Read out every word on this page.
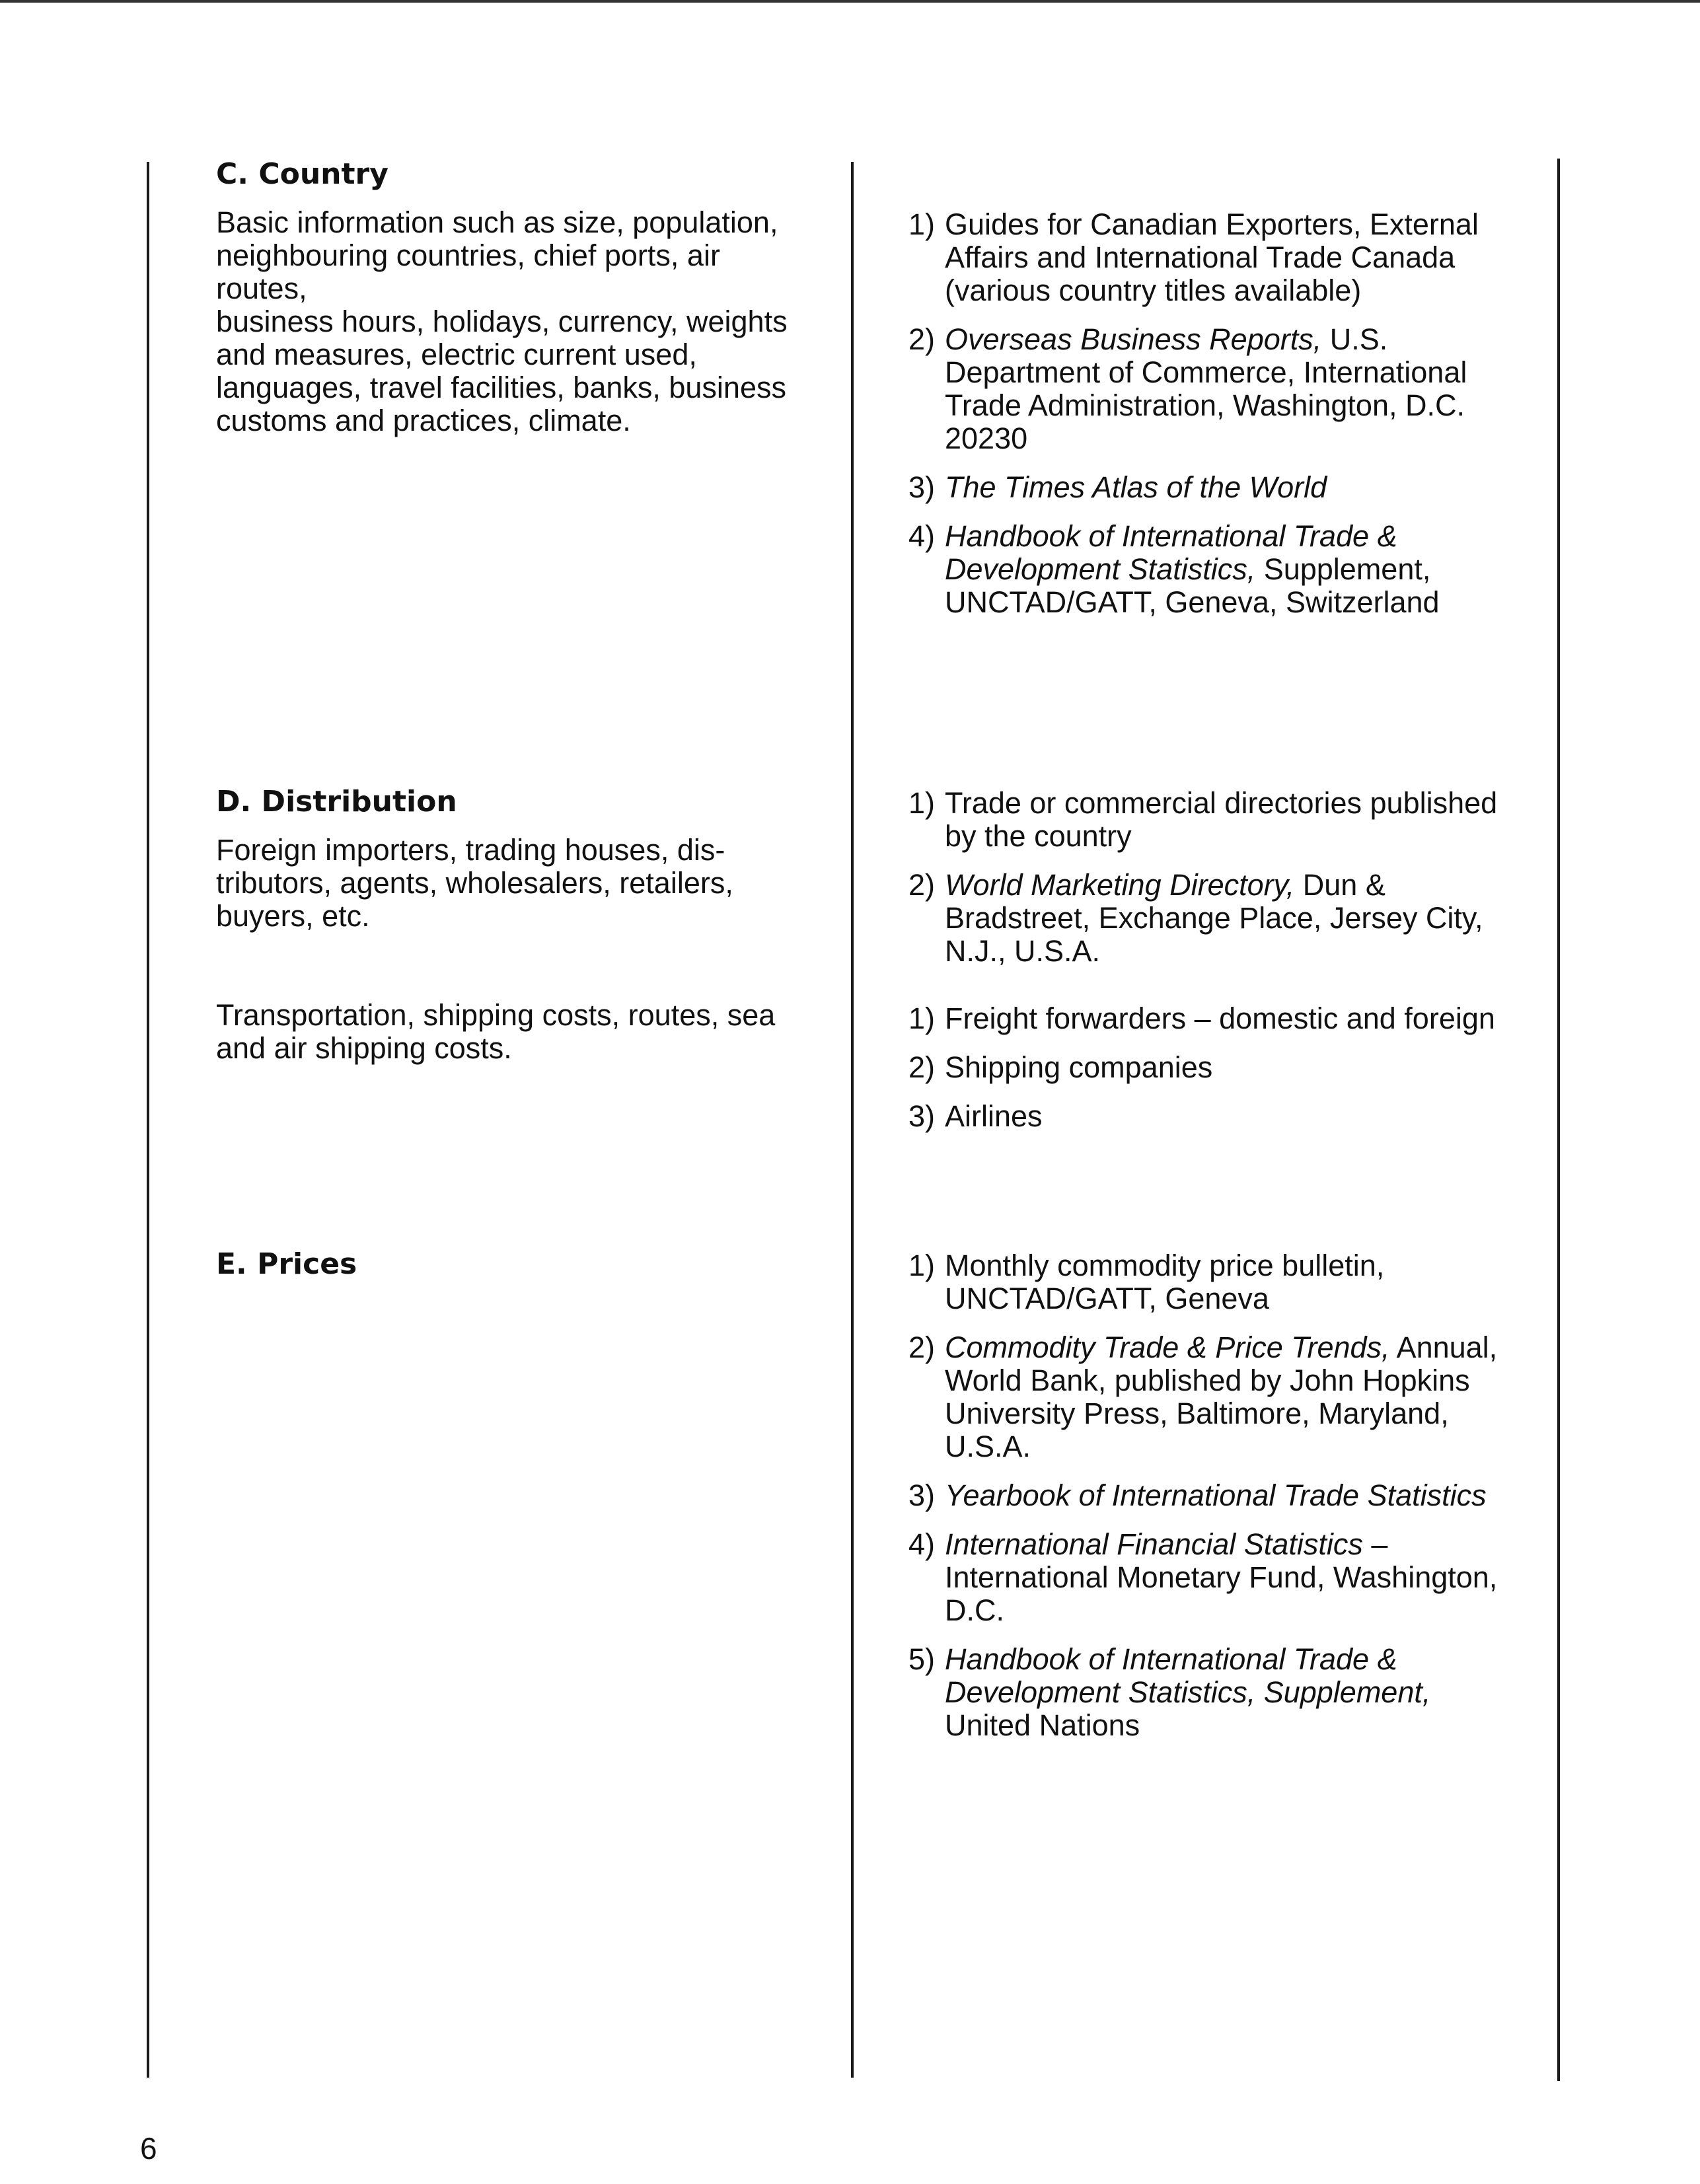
C. Country

Basic information such as size, population,
neighbouring countries, chief ports, air routes,
business hours, holidays, currency, weights
and measures, electric current used,
languages, travel facilities, banks, business
customs and practices, climate.

1) Guides for Canadian Exporters, External Affairs and International Trade Canada (various country titles available)
2) Overseas Business Reports, U.S. Department of Commerce, International Trade Administration, Washington, D.C. 20230
3) The Times Atlas of the World
4) Handbook of International Trade & Development Statistics, Supplement, UNCTAD/GATT, Geneva, Switzerland
D. Distribution

Foreign importers, trading houses, dis-
tributors, agents, wholesalers, retailers,
buyers, etc.

1) Trade or commercial directories published by the country
2) World Marketing Directory, Dun & Bradstreet, Exchange Place, Jersey City, N.J., U.S.A.

Transportation, shipping costs, routes, sea
and air shipping costs.

1) Freight forwarders – domestic and foreign
2) Shipping companies
3) Airlines
E. Prices	1) Monthly commodity price bulletin, UNCTAD/GATT, Geneva
2) Commodity Trade & Price Trends, Annual, World Bank, published by John Hopkins University Press, Baltimore, Maryland, U.S.A.
3) Yearbook of International Trade Statistics
4) International Financial Statistics – International Monetary Fund, Washington, D.C.
5) Handbook of International Trade & Development Statistics, Supplement, United Nations
6
